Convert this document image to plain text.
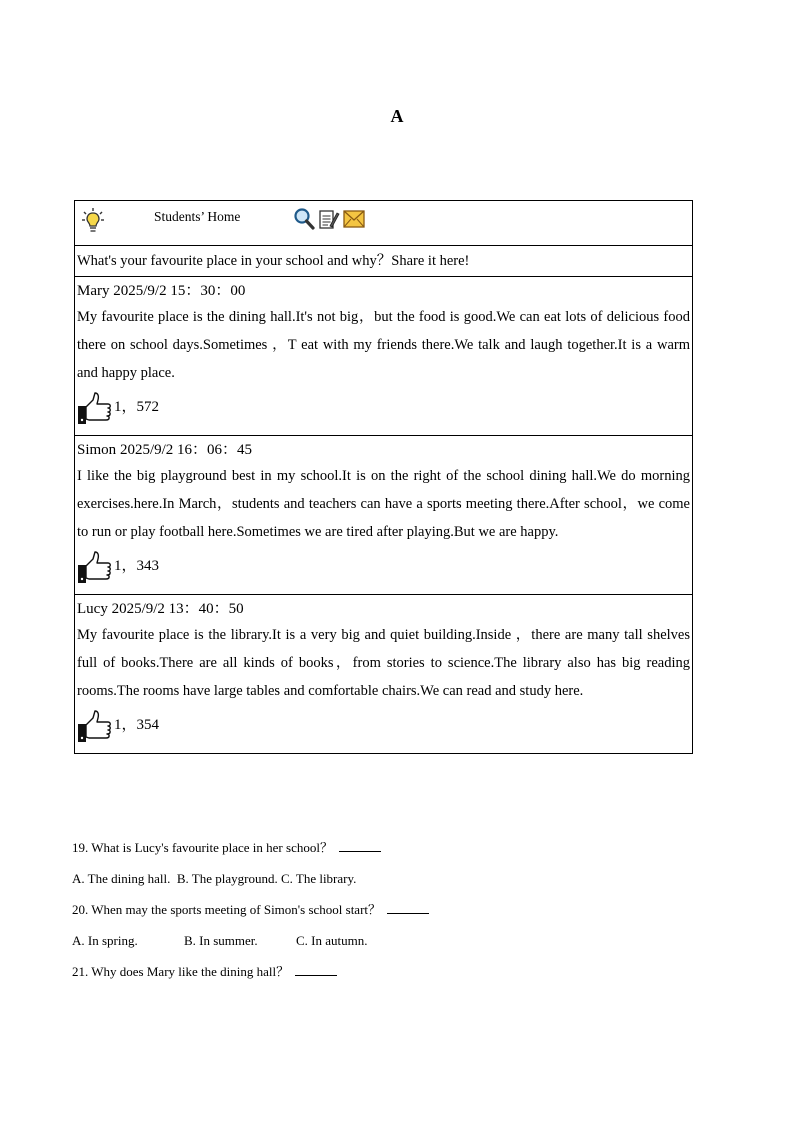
A
Students’ Home
What's your favourite place in your school and why？Share it here!
Mary 2025/9/2 15：30：00
My favourite place is the dining hall.It's not big，but the food is good.We can eat lots of delicious food there on school days.Sometimes ，T eat with my friends there.We talk and laugh together.It is a warm and happy place.
1，572
Simon 2025/9/2 16：06：45
I like the big playground best in my school.It is on the right of the school dining hall.We do morning exercises.here.In March，students and teachers can have a sports meeting there.After school，we come to run or play football here.Sometimes we are tired after playing.But we are happy.
1，343
Lucy 2025/9/2 13：40：50
My favourite place is the library.It is a very big and quiet building.Inside ，there are many tall shelves full of books.There are all kinds of books，from stories to science.The library also has big reading rooms.The rooms have large tables and comfortable chairs.We can read and study here.
1，354
19. What is Lucy's favourite place in her school？
A. The dining hall.  B. The playground. C. The library.
20. When may the sports meeting of Simon's school start？
A. In spring.	B. In summer.	C. In autumn.
21. Why does Mary like the dining hall？
